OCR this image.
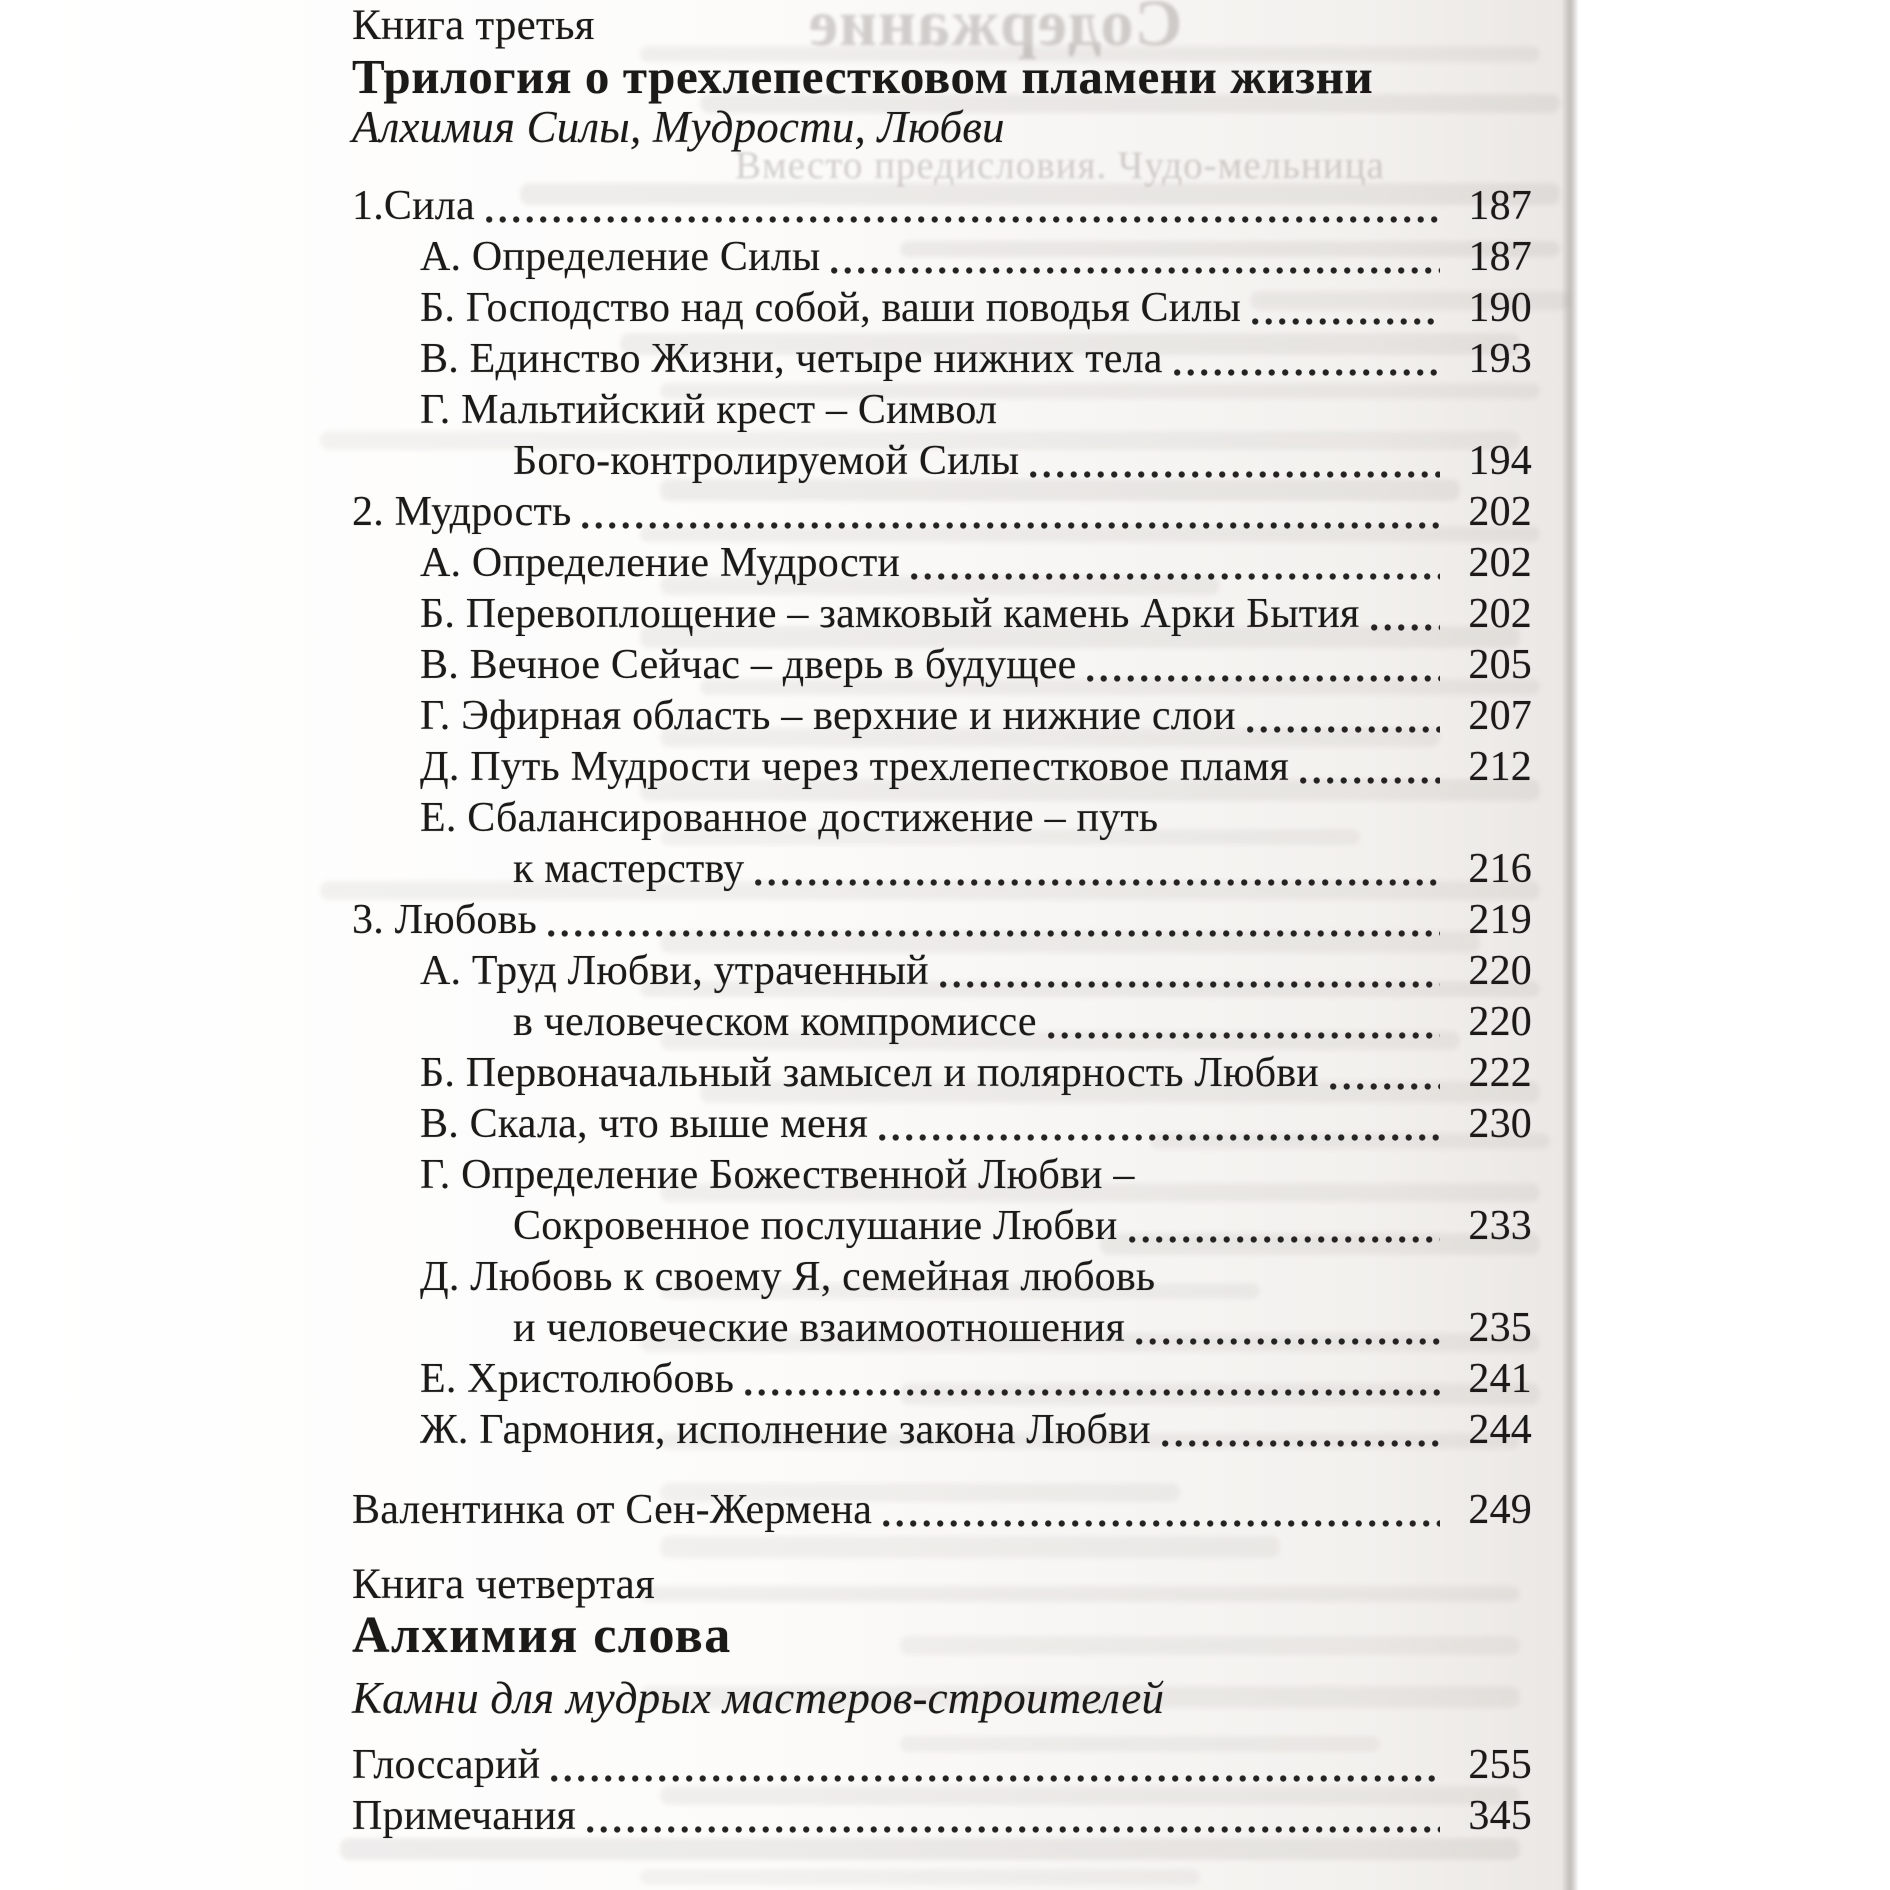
Содержание
Вместо предисловия. Чудо-мельница
Книга третья
Трилогия о трехлепестковом пламени жизни
Алхимия Силы, Мудрости, Любви
1.Сила	187
А. Определение Силы	187
Б. Господство над собой, ваши поводья Силы	190
В. Единство Жизни, четыре нижних тела	193
Г. Мальтийский крест – Символ
Бого-контролируемой Силы	194
2. Мудрость	202
А. Определение Мудрости	202
Б. Перевоплощение – замковый камень Арки Бытия	202
В. Вечное Сейчас – дверь в будущее	205
Г. Эфирная область – верхние и нижние слои	207
Д. Путь Мудрости через трехлепестковое пламя	212
Е. Сбалансированное достижение – путь
к мастерству	216
3. Любовь	219
А. Труд Любви, утраченный	220
в человеческом компромиссе	220
Б. Первоначальный замысел и полярность Любви	222
В. Скала, что выше меня	230
Г. Определение Божественной Любви –
Сокровенное послушание Любви	233
Д. Любовь к своему Я, семейная любовь
и человеческие взаимоотношения	235
Е. Христолюбовь	241
Ж. Гармония, исполнение закона Любви	244
Валентинка от Сен-Жермена	249
Книга четвертая
Алхимия слова
Камни для мудрых мастеров-строителей
Глоссарий	255
Примечания	345
